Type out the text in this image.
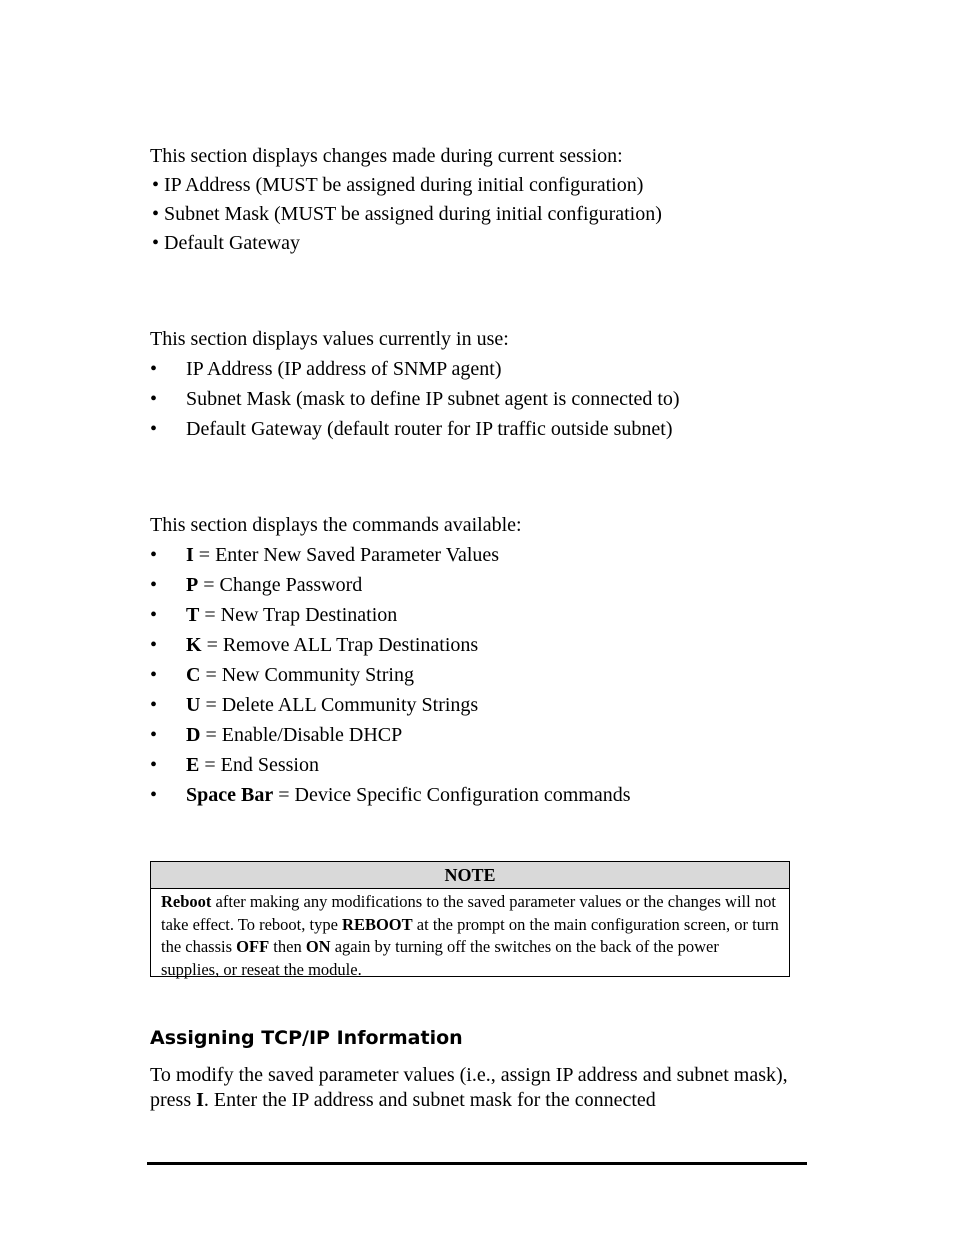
This section displays changes made during current session:
• IP Address (MUST be assigned during initial configuration)
• Subnet Mask (MUST be assigned during initial configuration)
• Default Gateway
This section displays values currently in use:
• IP Address (IP address of SNMP agent)
• Subnet Mask (mask to define IP subnet agent is connected to)
• Default Gateway (default router for IP traffic outside subnet)
This section displays the commands available:
• I = Enter New Saved Parameter Values
• P = Change Password
• T = New Trap Destination
• K = Remove ALL Trap Destinations
• C = New Community String
• U = Delete ALL Community Strings
• D = Enable/Disable DHCP
• E = End Session
• Space Bar = Device Specific Configuration commands
NOTE
Reboot after making any modifications to the saved parameter values or the changes will not take effect. To reboot, type REBOOT at the prompt on the main configuration screen, or turn the chassis OFF then ON again by turning off the switches on the back of the power supplies, or reseat the module.
Assigning TCP/IP Information
To modify the saved parameter values (i.e., assign IP address and subnet mask), press I. Enter the IP address and subnet mask for the connected
